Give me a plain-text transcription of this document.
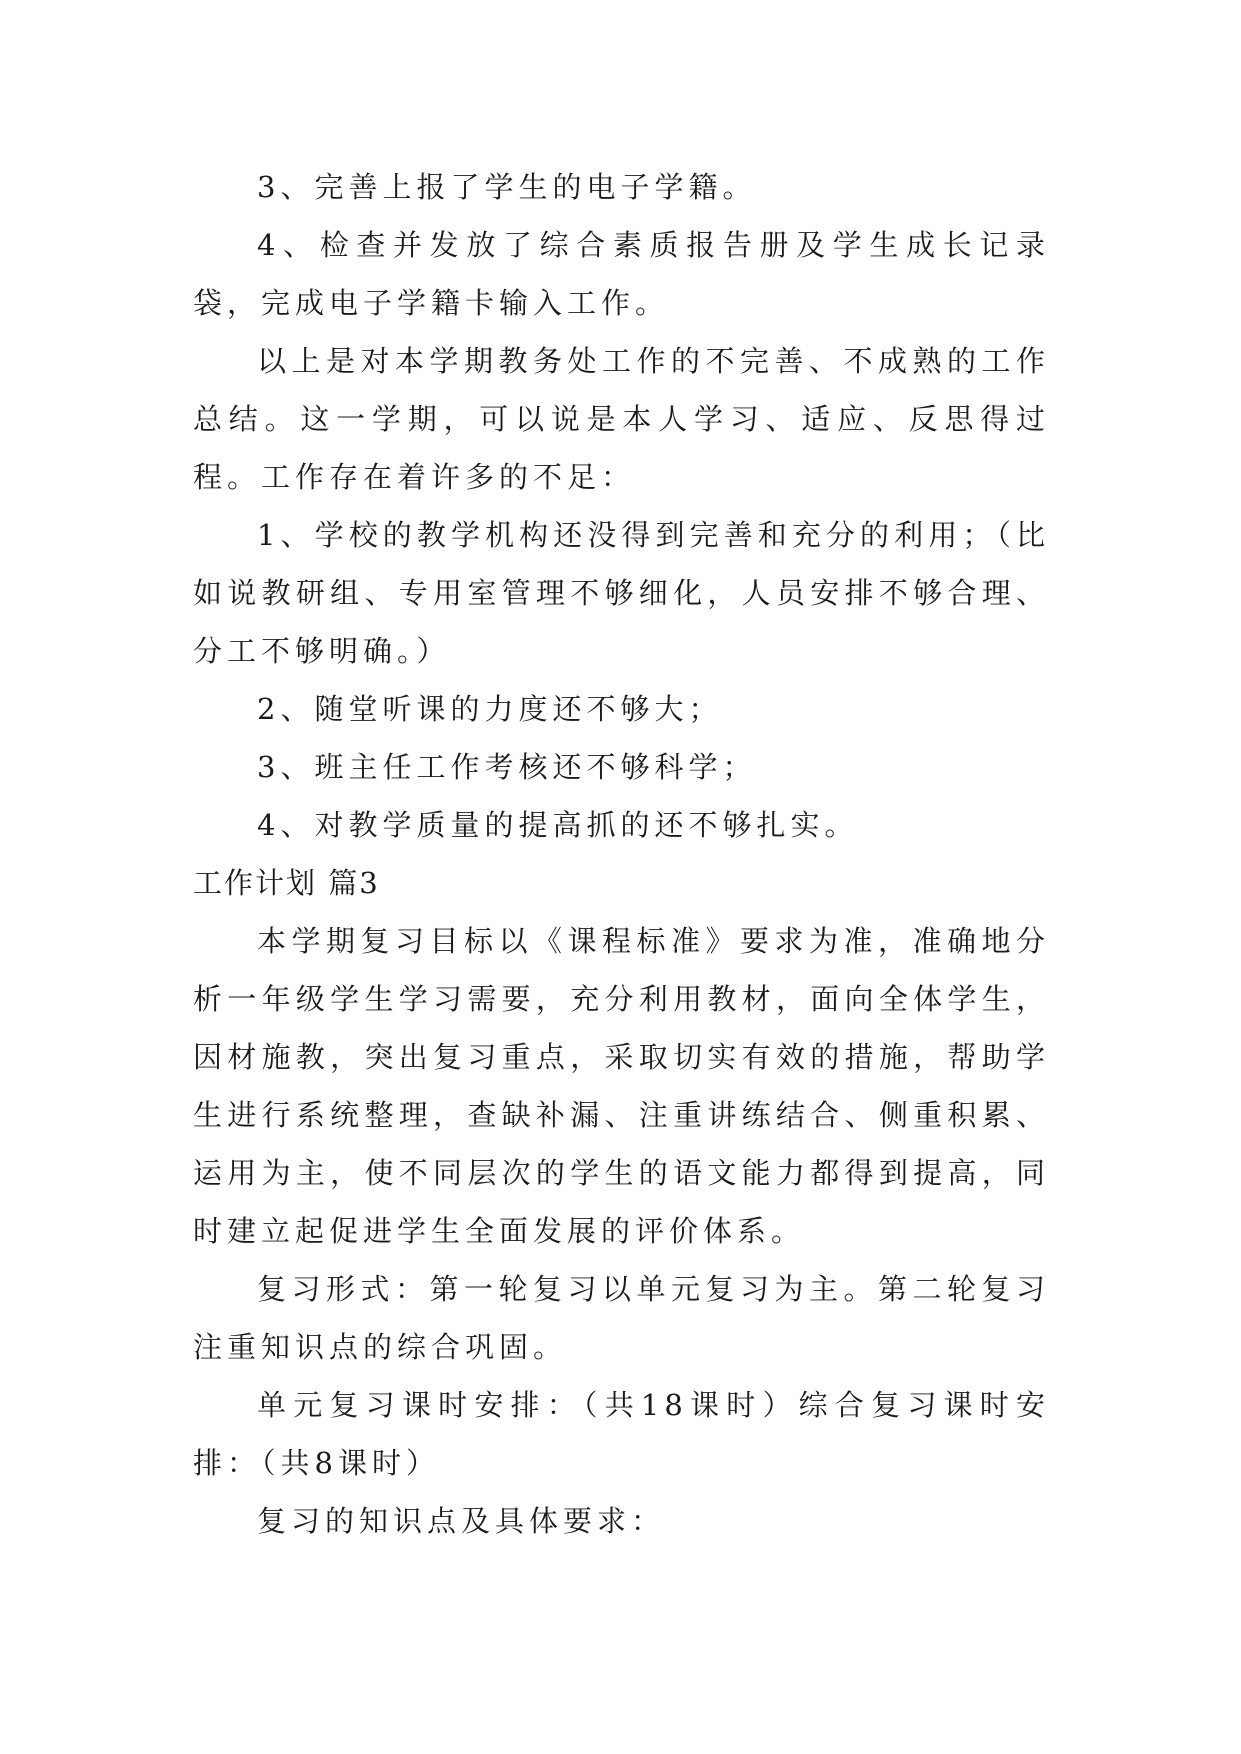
3、完善上报了学生的电子学籍。

4、检查并发放了综合素质报告册及学生成长记录袋，完成电子学籍卡输入工作。

以上是对本学期教务处工作的不完善、不成熟的工作总结。这一学期，可以说是本人学习、适应、反思得过程。工作存在着许多的不足：

1、学校的教学机构还没得到完善和充分的利用；（比如说教研组、专用室管理不够细化，人员安排不够合理、分工不够明确。）

2、随堂听课的力度还不够大；

3、班主任工作考核还不够科学；

4、对教学质量的提高抓的还不够扎实。

工作计划 篇3

本学期复习目标以《课程标准》要求为准，准确地分析一年级学生学习需要，充分利用教材，面向全体学生，因材施教，突出复习重点，采取切实有效的措施，帮助学生进行系统整理，查缺补漏、注重讲练结合、侧重积累、运用为主，使不同层次的学生的语文能力都得到提高，同时建立起促进学生全面发展的评价体系。

复习形式：第一轮复习以单元复习为主。第二轮复习注重知识点的综合巩固。

单元复习课时安排：（共18课时）综合复习课时安排：（共8课时）

复习的知识点及具体要求：
